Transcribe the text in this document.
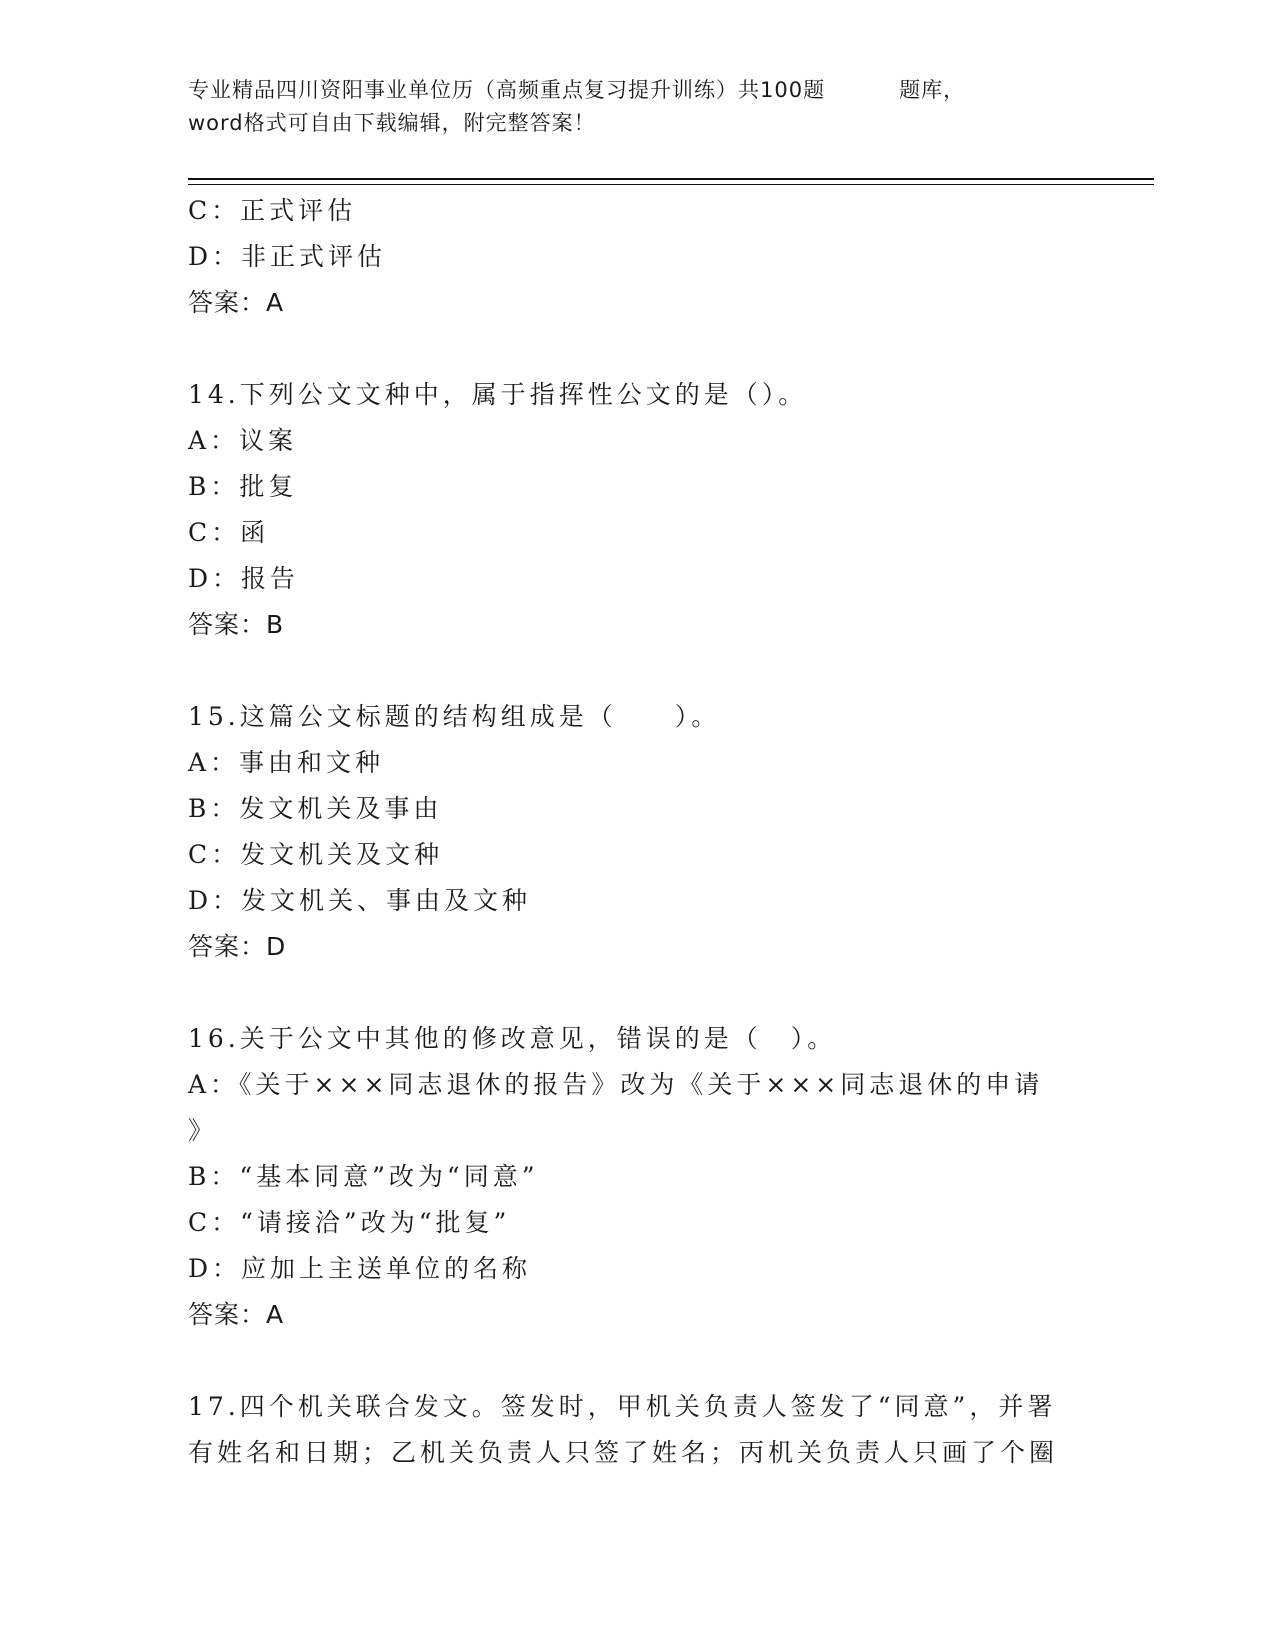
专业精品四川资阳事业单位历（高频重点复习提升训练）共100题	题库，
word格式可自由下载编辑，附完整答案！
C：正式评估
D：非正式评估
答案：A
14.下列公文文种中，属于指挥性公文的是（）。
A：议案
B：批复
C：函
D：报告
答案：B
15.这篇公文标题的结构组成是（　　）。
A：事由和文种
B：发文机关及事由
C：发文机关及文种
D：发文机关、事由及文种
答案：D
16.关于公文中其他的修改意见，错误的是（　）。
A：《关于×××同志退休的报告》改为《关于×××同志退休的申请
》
B：“基本同意”改为“同意”
C：“请接洽”改为“批复”
D：应加上主送单位的名称
答案：A
17.四个机关联合发文。签发时，甲机关负责人签发了“同意”，并署
有姓名和日期；乙机关负责人只签了姓名；丙机关负责人只画了个圈
